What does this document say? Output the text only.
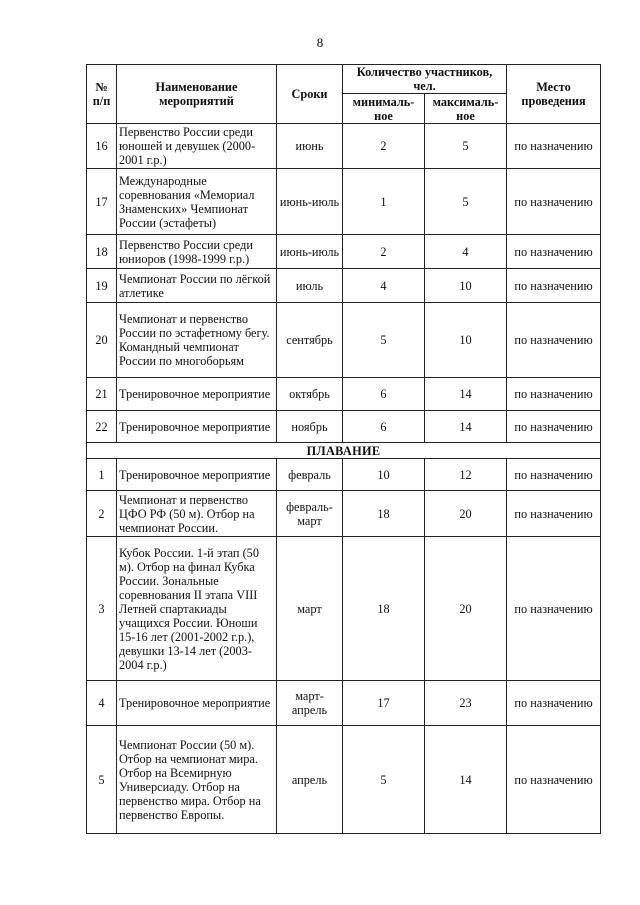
8
№ п/п	Наименование мероприятий	Сроки	Количество участников, чел.		Место проведения
			минималь-ное	максималь-ное	
16	Первенство России среди юношей и девушек (2000-2001 г.р.)	июнь	2	5	по назначению
17	Международные соревнования «Мемориал Знаменских» Чемпионат России (эстафеты)	июнь-июль	1	5	по назначению
18	Первенство России среди юниоров (1998-1999 г.р.)	июнь-июль	2	4	по назначению
19	Чемпионат России по лёгкой атлетике	июль	4	10	по назначению
20	Чемпионат и первенство России по эстафетному бегу. Командный чемпионат России по многоборьям	сентябрь	5	10	по назначению
21	Тренировочное мероприятие	октябрь	6	14	по назначению
22	Тренировочное мероприятие	ноябрь	6	14	по назначению
ПЛАВАНИЕ					
1	Тренировочное мероприятие	февраль	10	12	по назначению
2	Чемпионат и первенство ЦФО РФ (50 м). Отбор на чемпионат России.	февраль-март	18	20	по назначению
3	Кубок России. 1-й этап (50 м). Отбор на финал Кубка России. Зональные соревнования II этапа VIII Летней спартакиады учащихся России. Юноши 15-16 лет (2001-2002 г.р.), девушки 13-14 лет (2003-2004 г.р.)	март	18	20	по назначению
4	Тренировочное мероприятие	март-апрель	17	23	по назначению
5	Чемпионат России (50 м). Отбор на чемпионат мира. Отбор на Всемирную Универсиаду. Отбор на первенство мира. Отбор на первенство Европы.	апрель	5	14	по назначению
